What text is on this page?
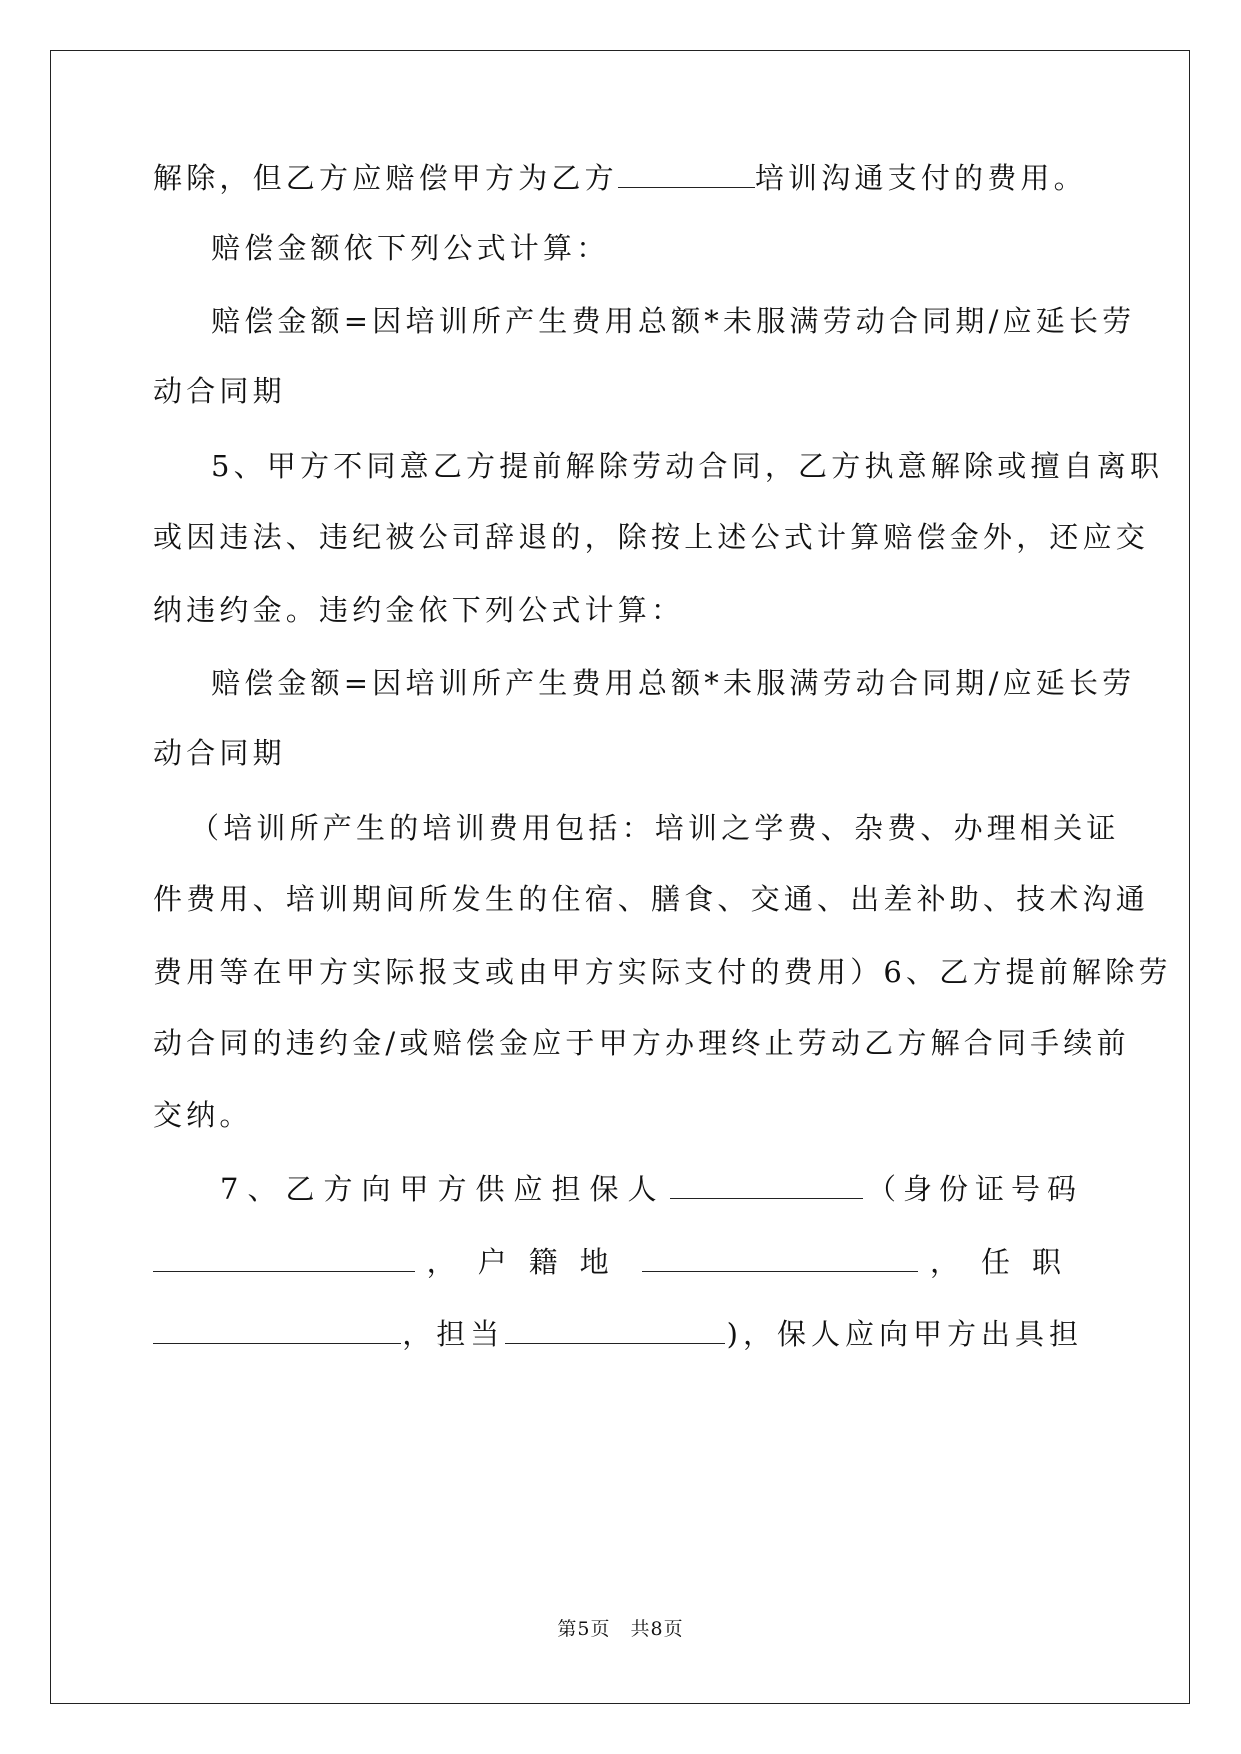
解除，但乙方应赔偿甲方为乙方	培训沟通支付的费用。
赔偿金额依下列公式计算：
赔偿金额=因培训所产生费用总额*未服满劳动合同期/应延长劳
动合同期
5、甲方不同意乙方提前解除劳动合同，乙方执意解除或擅自离职
或因违法、违纪被公司辞退的，除按上述公式计算赔偿金外，还应交
纳违约金。违约金依下列公式计算：
赔偿金额=因培训所产生费用总额*未服满劳动合同期/应延长劳
动合同期
（培训所产生的培训费用包括：培训之学费、杂费、办理相关证
件费用、培训期间所发生的住宿、膳食、交通、出差补助、技术沟通
费用等在甲方实际报支或由甲方实际支付的费用）6、乙方提前解除劳
动合同的违约金/或赔偿金应于甲方办理终止劳动乙方解合同手续前
交纳。
7、乙方向甲方供应担保人	（身份证号码
，户籍地	，任职
，担当	)，保人应向甲方出具担
第5页　共8页
